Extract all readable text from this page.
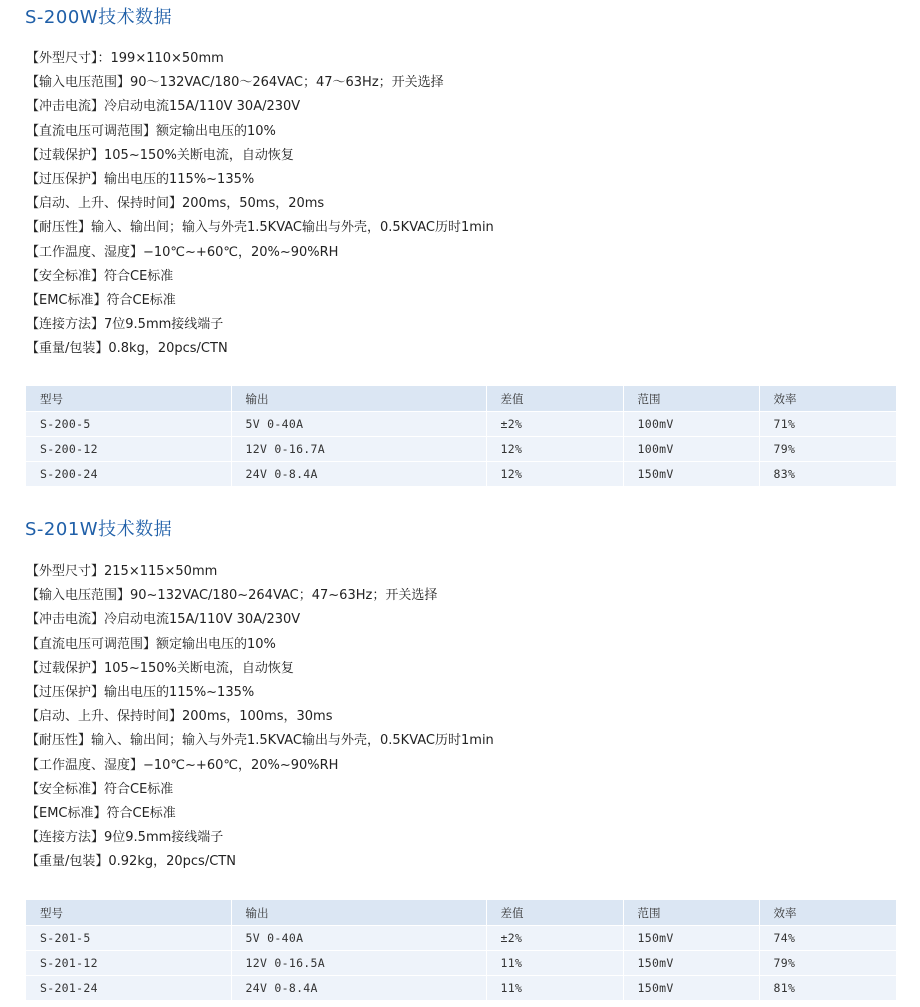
S-200W技术数据
【外型尺寸】：199×110×50mm
【输入电压范围】90～132VAC/180～264VAC；47～63Hz；开关选择
【冲击电流】冷启动电流15A/110V 30A/230V
【直流电压可调范围】额定输出电压的10%
【过载保护】105~150%关断电流，自动恢复
【过压保护】输出电压的115%~135%
【启动、上升、保持时间】200ms，50ms，20ms
【耐压性】输入、输出间；输入与外壳1.5KVAC输出与外壳，0.5KVAC历时1min
【工作温度、湿度】−10℃~+60℃，20%~90%RH
【安全标准】符合CE标准
【EMC标准】符合CE标准
【连接方法】7位9.5mm接线端子
【重量/包装】0.8kg，20pcs/CTN
型号	输出	差值	范围	效率
S-200-5	5V 0-40A	±2%	100mV	71%
S-200-12	12V 0-16.7A	12%	100mV	79%
S-200-24	24V 0-8.4A	12%	150mV	83%
S-201W技术数据
【外型尺寸】215×115×50mm
【输入电压范围】90~132VAC/180~264VAC；47~63Hz；开关选择
【冲击电流】冷启动电流15A/110V 30A/230V
【直流电压可调范围】额定输出电压的10%
【过载保护】105~150%关断电流，自动恢复
【过压保护】输出电压的115%~135%
【启动、上升、保持时间】200ms，100ms，30ms
【耐压性】输入、输出间；输入与外壳1.5KVAC输出与外壳，0.5KVAC历时1min
【工作温度、湿度】−10℃~+60℃，20%~90%RH
【安全标准】符合CE标准
【EMC标准】符合CE标准
【连接方法】9位9.5mm接线端子
【重量/包装】0.92kg，20pcs/CTN
型号	输出	差值	范围	效率
S-201-5	5V 0-40A	±2%	150mV	74%
S-201-12	12V 0-16.5A	11%	150mV	79%
S-201-24	24V 0-8.4A	11%	150mV	81%
